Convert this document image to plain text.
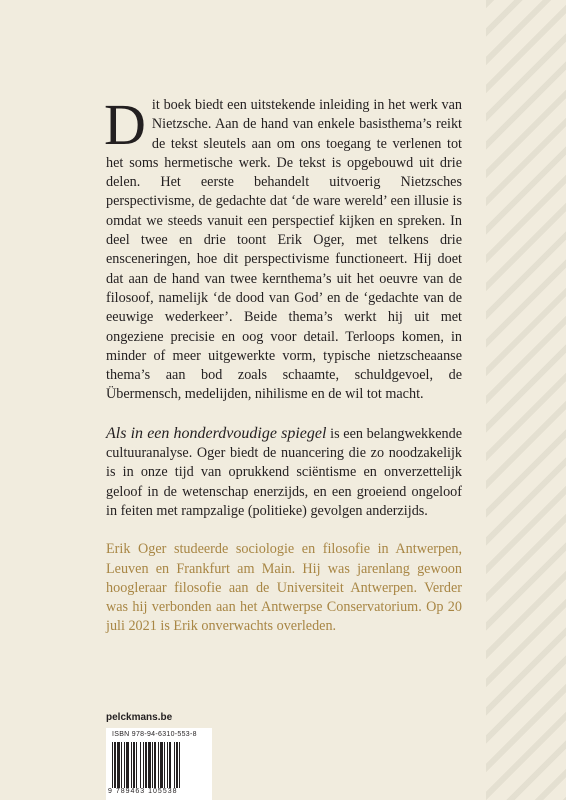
Dit boek biedt een uitstekende inleiding in het werk van Nietzsche. Aan de hand van enkele basisthema’s reikt de tekst sleutels aan om ons toegang te verlenen tot het soms hermetische werk. De tekst is opgebouwd uit drie delen. Het eerste behandelt uitvoerig Nietzsches perspectivisme, de gedachte dat ‘de ware wereld’ een illusie is omdat we steeds vanuit een perspectief kijken en spreken. In deel twee en drie toont Erik Oger, met telkens drie ensceneringen, hoe dit perspectivisme functioneert. Hij doet dat aan de hand van twee kernthema’s uit het oeuvre van de filosoof, namelijk ‘de dood van God’ en de ‘gedachte van de eeuwige wederkeer’. Beide thema’s werkt hij uit met ongeziene precisie en oog voor detail. Terloops komen, in minder of meer uitgewerkte vorm, typische nietzscheaanse thema’s aan bod zoals schaamte, schuldgevoel, de Übermensch, medelijden, nihilisme en de wil tot macht.

Als in een honderdvoudige spiegel is een belangwekkende cultuuranalyse. Oger biedt de nuancering die zo noodzakelijk is in onze tijd van oprukkend sciëntisme en onverzettelijk geloof in de wetenschap enerzijds, en een groeiend ongeloof in feiten met rampzalige (politieke) gevolgen anderzijds.

Erik Oger studeerde sociologie en filosofie in Antwerpen, Leuven en Frankfurt am Main. Hij was jarenlang gewoon hoogleraar filosofie aan de Universiteit Antwerpen. Verder was hij verbonden aan het Antwerpse Conservatorium. Op 20 juli 2021 is Erik onverwachts overleden.

pelckmans.be
ISBN 978-94-6310-553-8
9 789463 105538
